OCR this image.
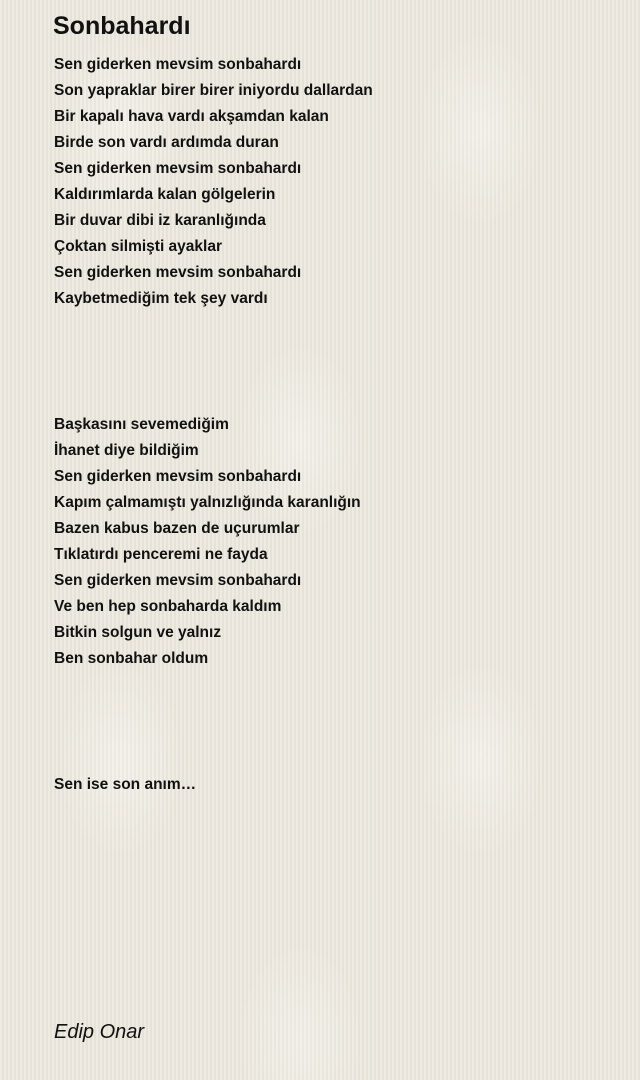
Sonbahardı
Sen giderken mevsim sonbahardı
Son yapraklar birer birer iniyordu dallardan
Bir kapalı hava vardı akşamdan kalan
Birde son vardı ardımda duran
Sen giderken mevsim sonbahardı
Kaldırımlarda kalan gölgelerin
Bir duvar dibi iz karanlığında
Çoktan silmişti ayaklar
Sen giderken mevsim sonbahardı
Kaybetmediğim tek şey vardı
Başkasını sevemediğim
İhanet diye bildiğim
Sen giderken mevsim sonbahardı
Kapım çalmamıştı yalnızlığında karanlığın
Bazen kabus bazen de uçurumlar
Tıklatırdı penceremi ne fayda
Sen giderken mevsim sonbahardı
Ve ben hep sonbaharda kaldım
Bitkin solgun ve yalnız
Ben sonbahar oldum
Sen ise son anım…
Edip Onar
